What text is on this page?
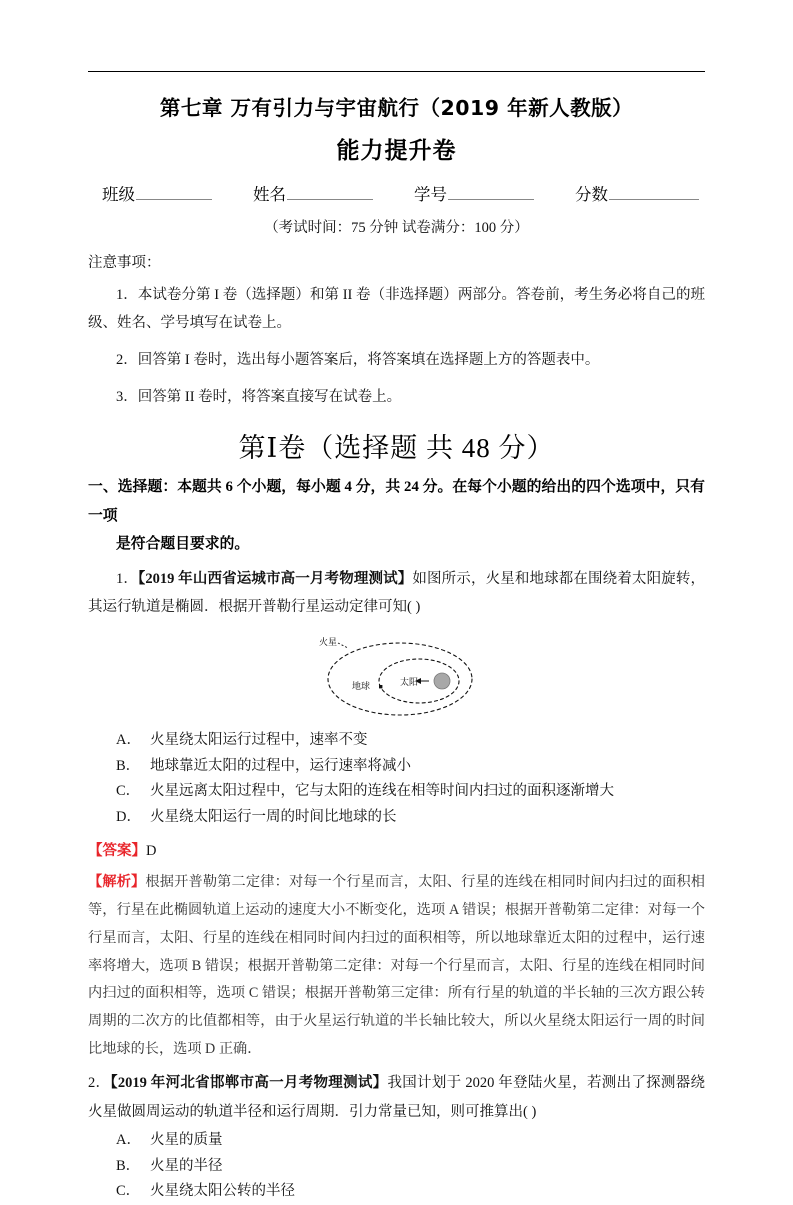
第七章 万有引力与宇宙航行（2019 年新人教版）
能力提升卷
班级	姓名	学号	分数
（考试时间：75 分钟 试卷满分：100 分）
注意事项：
1．本试卷分第 I 卷（选择题）和第 II 卷（非选择题）两部分。答卷前，考生务必将自己的班级、姓名、学号填写在试卷上。
2．回答第 I 卷时，选出每小题答案后，将答案填在选择题上方的答题表中。
3．回答第 II 卷时，将答案直接写在试卷上。
第Ⅰ卷（选择题 共 48 分）
一、选择题：本题共 6 个小题，每小题 4 分，共 24 分。在每个小题的给出的四个选项中，只有一项
是符合题目要求的。
1．【2019 年山西省运城市高一月考物理测试】如图所示，火星和地球都在围绕着太阳旋转，其运行轨道是椭圆．根据开普勒行星运动定律可知( )
火星
地球	太阳
A． 火星绕太阳运行过程中，速率不变
B． 地球靠近太阳的过程中，运行速率将减小
C． 火星远离太阳过程中，它与太阳的连线在相等时间内扫过的面积逐渐增大
D． 火星绕太阳运行一周的时间比地球的长
【答案】D
【解析】根据开普勒第二定律：对每一个行星而言，太阳、行星的连线在相同时间内扫过的面积相等，行星在此椭圆轨道上运动的速度大小不断变化，选项 A 错误；根据开普勒第二定律：对每一个行星而言，太阳、行星的连线在相同时间内扫过的面积相等，所以地球靠近太阳的过程中，运行速率将增大，选项 B 错误；根据开普勒第二定律：对每一个行星而言，太阳、行星的连线在相同时间内扫过的面积相等，选项 C 错误；根据开普勒第三定律：所有行星的轨道的半长轴的三次方跟公转周期的二次方的比值都相等，由于火星运行轨道的半长轴比较大，所以火星绕太阳运行一周的时间比地球的长，选项 D 正确．
2．【2019 年河北省邯郸市高一月考物理测试】我国计划于 2020 年登陆火星，若测出了探测器绕火星做圆周运动的轨道半径和运行周期．引力常量已知，则可推算出( )
A． 火星的质量
B． 火星的半径
C． 火星绕太阳公转的半径
